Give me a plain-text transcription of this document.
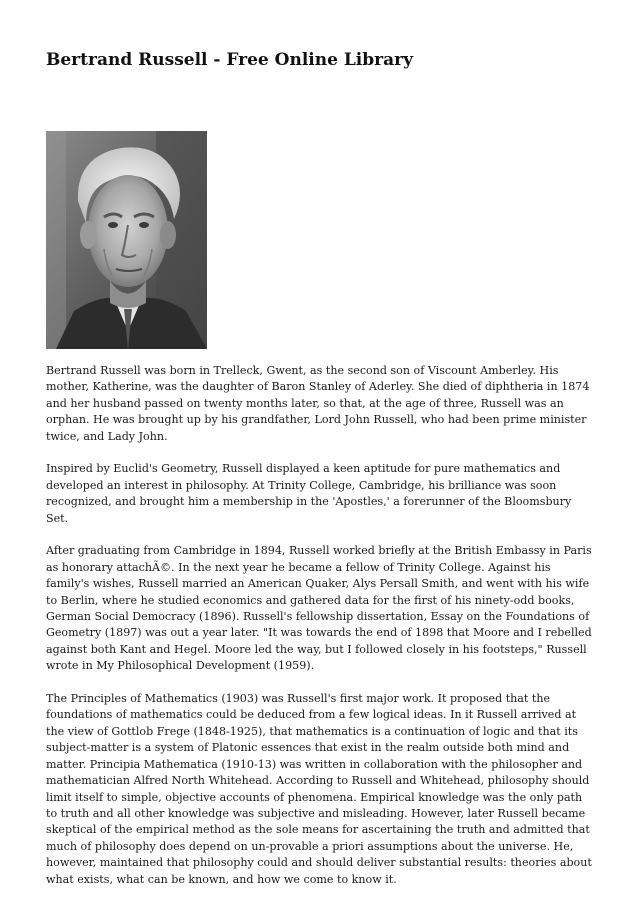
Bertrand Russell - Free Online Library

Bertrand Russell was born in Trelleck, Gwent, as the second son of Viscount Amberley. His mother, Katherine, was the daughter of Baron Stanley of Aderley. She died of diphtheria in 1874 and her husband passed on twenty months later, so that, at the age of three, Russell was an orphan. He was brought up by his grandfather, Lord John Russell, who had been prime minister twice, and Lady John.

Inspired by Euclid's Geometry, Russell displayed a keen aptitude for pure mathematics and developed an interest in philosophy. At Trinity College, Cambridge, his brilliance was soon recognized, and brought him a membership in the 'Apostles,' a forerunner of the Bloomsbury Set.

After graduating from Cambridge in 1894, Russell worked briefly at the British Embassy in Paris as honorary attachÃ©. In the next year he became a fellow of Trinity College. Against his family's wishes, Russell married an American Quaker, Alys Persall Smith, and went with his wife to Berlin, where he studied economics and gathered data for the first of his ninety-odd books, German Social Democracy (1896). Russell's fellowship dissertation, Essay on the Foundations of Geometry (1897) was out a year later. "It was towards the end of 1898 that Moore and I rebelled against both Kant and Hegel. Moore led the way, but I followed closely in his footsteps," Russell wrote in My Philosophical Development (1959).

The Principles of Mathematics (1903) was Russell's first major work. It proposed that the foundations of mathematics could be deduced from a few logical ideas. In it Russell arrived at the view of Gottlob Frege (1848-1925), that mathematics is a continuation of logic and that its subject-matter is a system of Platonic essences that exist in the realm outside both mind and matter. Principia Mathematica (1910-13) was written in collaboration with the philosopher and mathematician Alfred North Whitehead. According to Russell and Whitehead, philosophy should limit itself to simple, objective accounts of phenomena. Empirical knowledge was the only path to truth and all other knowledge was subjective and misleading. However, later Russell became skeptical of the empirical method as the sole means for ascertaining the truth and admitted that much of philosophy does depend on un-provable a priori assumptions about the universe. He, however, maintained that philosophy could and should deliver substantial results: theories about what exists, what can be known, and how we come to know it.
